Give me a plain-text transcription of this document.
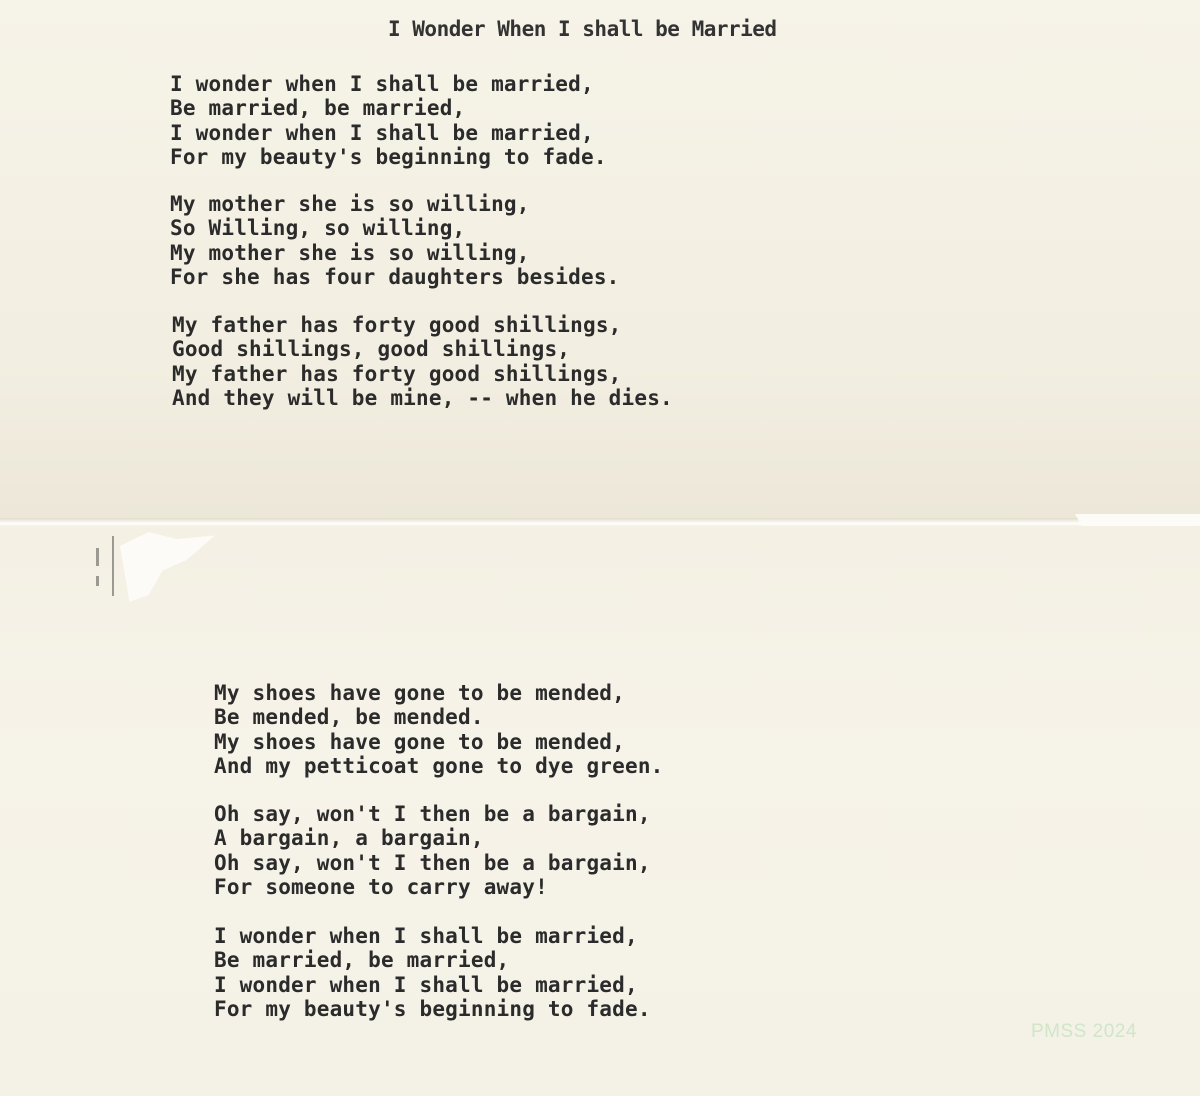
I Wonder When I shall be Married
I wonder when I shall be married,
Be married, be married,
I wonder when I shall be married,
For my beauty's beginning to fade.
My mother she is so willing,
So Willing, so willing,
My mother she is so willing,
For she has four daughters besides.
My father has forty good shillings,
Good shillings, good shillings,
My father has forty good shillings,
And they will be mine, -- when he dies.
My shoes have gone to be mended,
Be mended, be mended.
My shoes have gone to be mended,
And my petticoat gone to dye green.
Oh say, won't I then be a bargain,
A bargain, a bargain,
Oh say, won't I then be a bargain,
For someone to carry away!
I wonder when I shall be married,
Be married, be married,
I wonder when I shall be married,
For my beauty's beginning to fade.
PMSS 2024
